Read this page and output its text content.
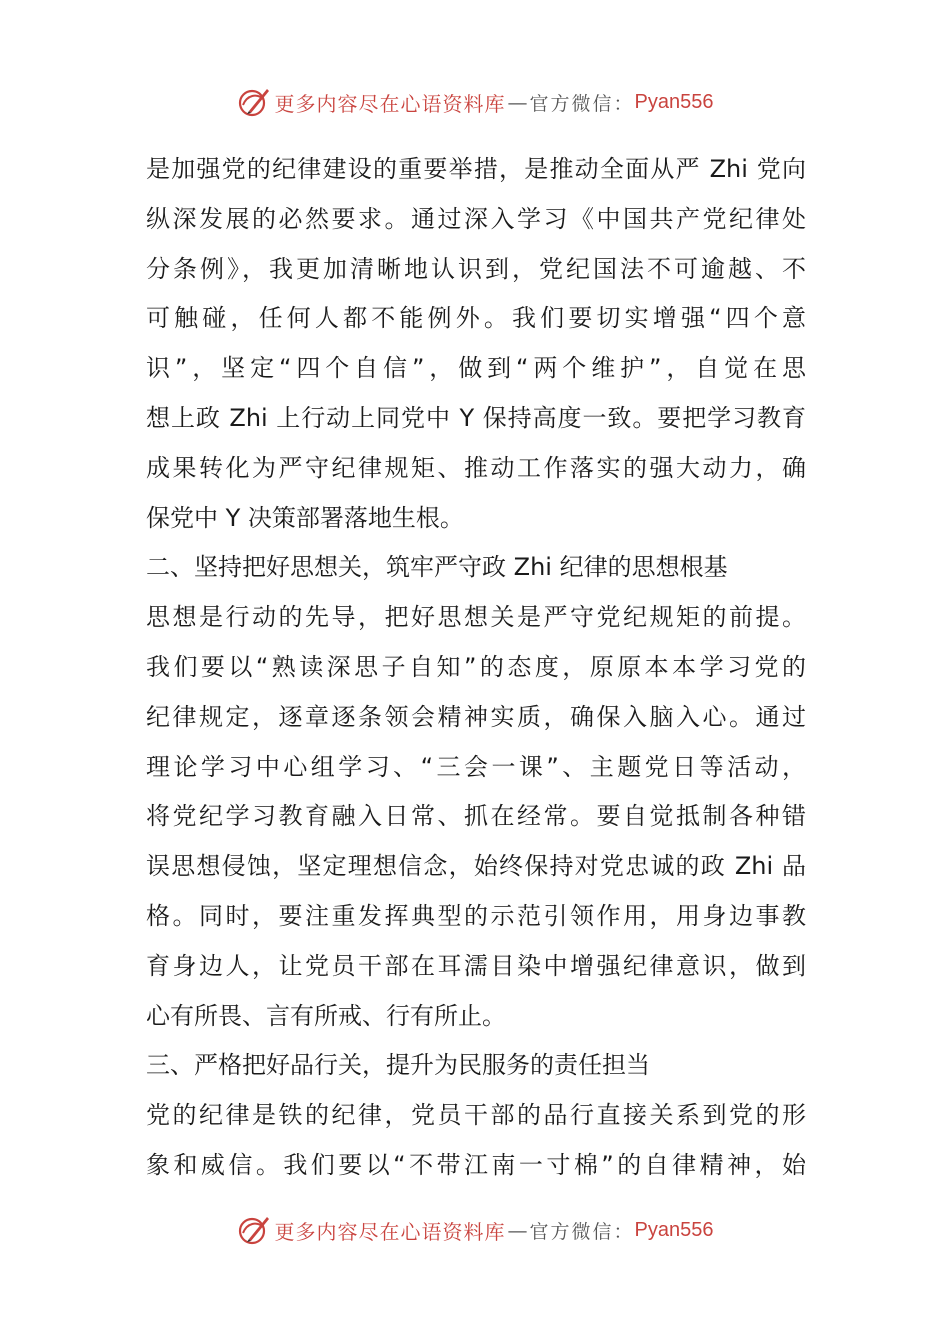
更多内容尽在心语资料库 — 官方微信： Pyan556
是加强党的纪律建设的重要举措，是推动全面从严 Zhi 党向
纵深发展的必然要求。通过深入学习《中国共产党纪律处
分条例》，我更加清晰地认识到，党纪国法不可逾越、不
可触碰，任何人都不能例外。我们要切实增强“四个意
识”，坚定“四个自信”，做到“两个维护”，自觉在思
想上政 Zhi 上行动上同党中 Y 保持高度一致。要把学习教育
成果转化为严守纪律规矩、推动工作落实的强大动力，确
保党中 Y 决策部署落地生根。
二、坚持把好思想关，筑牢严守政 Zhi 纪律的思想根基
思想是行动的先导，把好思想关是严守党纪规矩的前提。
我们要以“熟读深思子自知”的态度，原原本本学习党的
纪律规定，逐章逐条领会精神实质，确保入脑入心。通过
理论学习中心组学习、“三会一课”、主题党日等活动，
将党纪学习教育融入日常、抓在经常。要自觉抵制各种错
误思想侵蚀，坚定理想信念，始终保持对党忠诚的政 Zhi 品
格。同时，要注重发挥典型的示范引领作用，用身边事教
育身边人，让党员干部在耳濡目染中增强纪律意识，做到
心有所畏、言有所戒、行有所止。
三、严格把好品行关，提升为民服务的责任担当
党的纪律是铁的纪律，党员干部的品行直接关系到党的形
象和威信。我们要以“不带江南一寸棉”的自律精神，始
更多内容尽在心语资料库 — 官方微信： Pyan556
